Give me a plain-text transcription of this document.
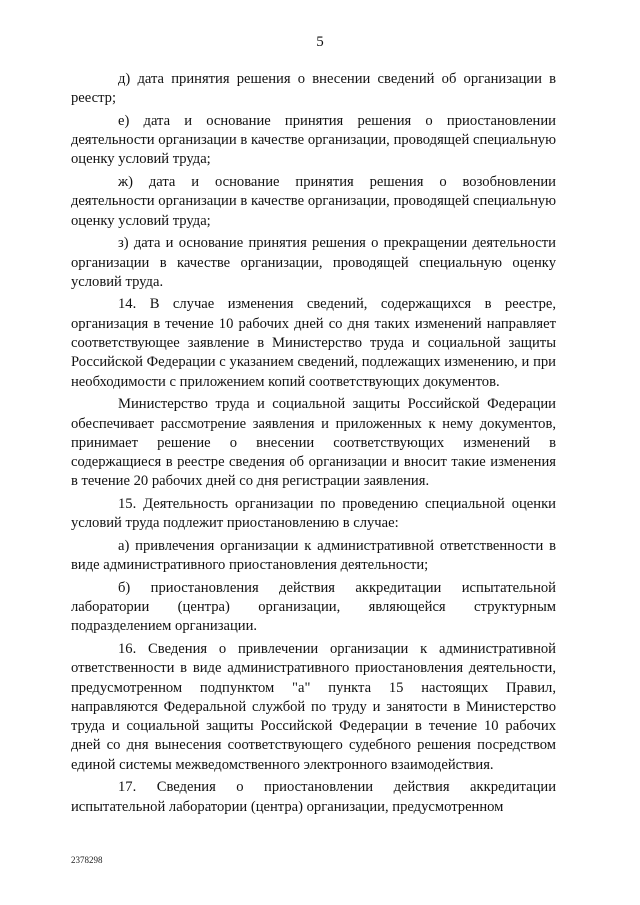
5

д) дата принятия решения о внесении сведений об организации в реестр;

е) дата и основание принятия решения о приостановлении деятельности организации в качестве организации, проводящей специальную оценку условий труда;

ж) дата и основание принятия решения о возобновлении деятельности организации в качестве организации, проводящей специальную оценку условий труда;

з) дата и основание принятия решения о прекращении деятельности организации в качестве организации, проводящей специальную оценку условий труда.

14. В случае изменения сведений, содержащихся в реестре, организация в течение 10 рабочих дней со дня таких изменений направляет соответствующее заявление в Министерство труда и социальной защиты Российской Федерации с указанием сведений, подлежащих изменению, и при необходимости с приложением копий соответствующих документов.

Министерство труда и социальной защиты Российской Федерации обеспечивает рассмотрение заявления и приложенных к нему документов, принимает решение о внесении соответствующих изменений в содержащиеся в реестре сведения об организации и вносит такие изменения в течение 20 рабочих дней со дня регистрации заявления.

15. Деятельность организации по проведению специальной оценки условий труда подлежит приостановлению в случае:

а) привлечения организации к административной ответственности в виде административного приостановления деятельности;

б) приостановления действия аккредитации испытательной лаборатории (центра) организации, являющейся структурным подразделением организации.

16. Сведения о привлечении организации к административной ответственности в виде административного приостановления деятельности, предусмотренном подпунктом "а" пункта 15 настоящих Правил, направляются Федеральной службой по труду и занятости в Министерство труда и социальной защиты Российской Федерации в течение 10 рабочих дней со дня вынесения соответствующего судебного решения посредством единой системы межведомственного электронного взаимодействия.

17. Сведения о приостановлении действия аккредитации испытательной лаборатории (центра) организации, предусмотренном

2378298
